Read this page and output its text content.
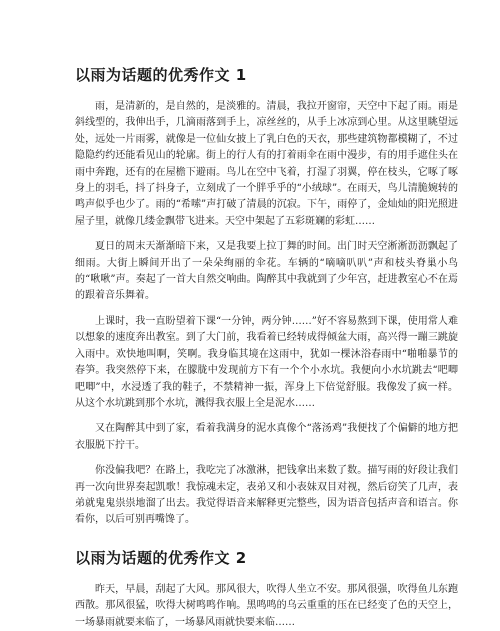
以雨为话题的优秀作文 1

雨，是清新的，是自然的，是淡雅的。清晨，我拉开窗帘，天空中下起了雨。雨是斜线型的，我伸出手，几滴雨落到手上，凉丝丝的，从手上冰凉到心里。从这里眺望远处，远处一片雨雾，就像是一位仙女披上了乳白色的天衣，那些建筑物都模糊了，不过隐隐约约还能看见山的轮廓。街上的行人有的打着雨伞在雨中漫步，有的用手遮住头在雨中奔跑，还有的在屋檐下避雨。鸟儿在空中飞着，打湿了羽翼，停在枝头，它啄了啄身上的羽毛，抖了抖身子，立刻成了一个胖乎乎的“小绒球”。在雨天，鸟儿清脆婉转的鸣声似乎也少了。雨的“希嗦”声打破了清晨的沉寂。下午，雨停了，金灿灿的阳光照进屋子里，就像几缕金飘带飞进来。天空中架起了五彩斑斓的彩虹……

夏日的周末天渐渐暗下来，又是我要上拉丁舞的时间。出门时天空淅淅沥沥飘起了细雨。大街上瞬间开出了一朵朵绚丽的伞花。车辆的“嘀嘀叭叭”声和枝头脊巢小鸟的“啾啾”声。奏起了一首大自然交响曲。陶醉其中我就到了少年宫，赶进教室心不在焉的跟着音乐舞着。

上课时，我一直盼望着下课“一分钟，两分钟……”好不容易熬到下课，使用常人难以想象的速度奔出教室。到了大门前，我看着已经转成得倾盆大雨，高兴得一蹦三跳旋入雨中。欢快地叫啊，笑啊。我身临其境在这雨中，犹如一棵沐浴春雨中“啪啪暴节的春笋。我突然停下来，在朦胧中发现前方下有一个个小水坑。我便向小水坑跳去“吧唧吧唧”中，水浸透了我的鞋子，不禁精神一振，浑身上下倍觉舒服。我像发了疯一样。从这个水坑跳到那个水坑，溅得我衣服上全是泥水……

又在陶醉其中到了家，看着我满身的泥水真像个“落汤鸡”我便找了个偏僻的地方把衣服脱下拧干。

你没偏我吧？在路上，我吃完了冰激淋，把钱拿出来数了数。描写雨的好段让我们再一次向世界奏起凯歌！我惊魂未定，表弟又和小表妹双目对视，然后窃笑了几声，表弟就鬼鬼祟祟地溜了出去。我觉得语音来解释更完整些，因为语音包括声音和语言。你看你，以后可别再嘴馋了。

以雨为话题的优秀作文 2

昨天，早晨，刮起了大风。那风很大，吹得人坐立不安。那风很强，吹得鱼儿东跑西散。那风很猛，吹得大树鸣鸣作响。黑鸣鸣的乌云重重的压在已经变了色的天空上，一场暴雨就要来临了，一场暴风雨就快要来临……
